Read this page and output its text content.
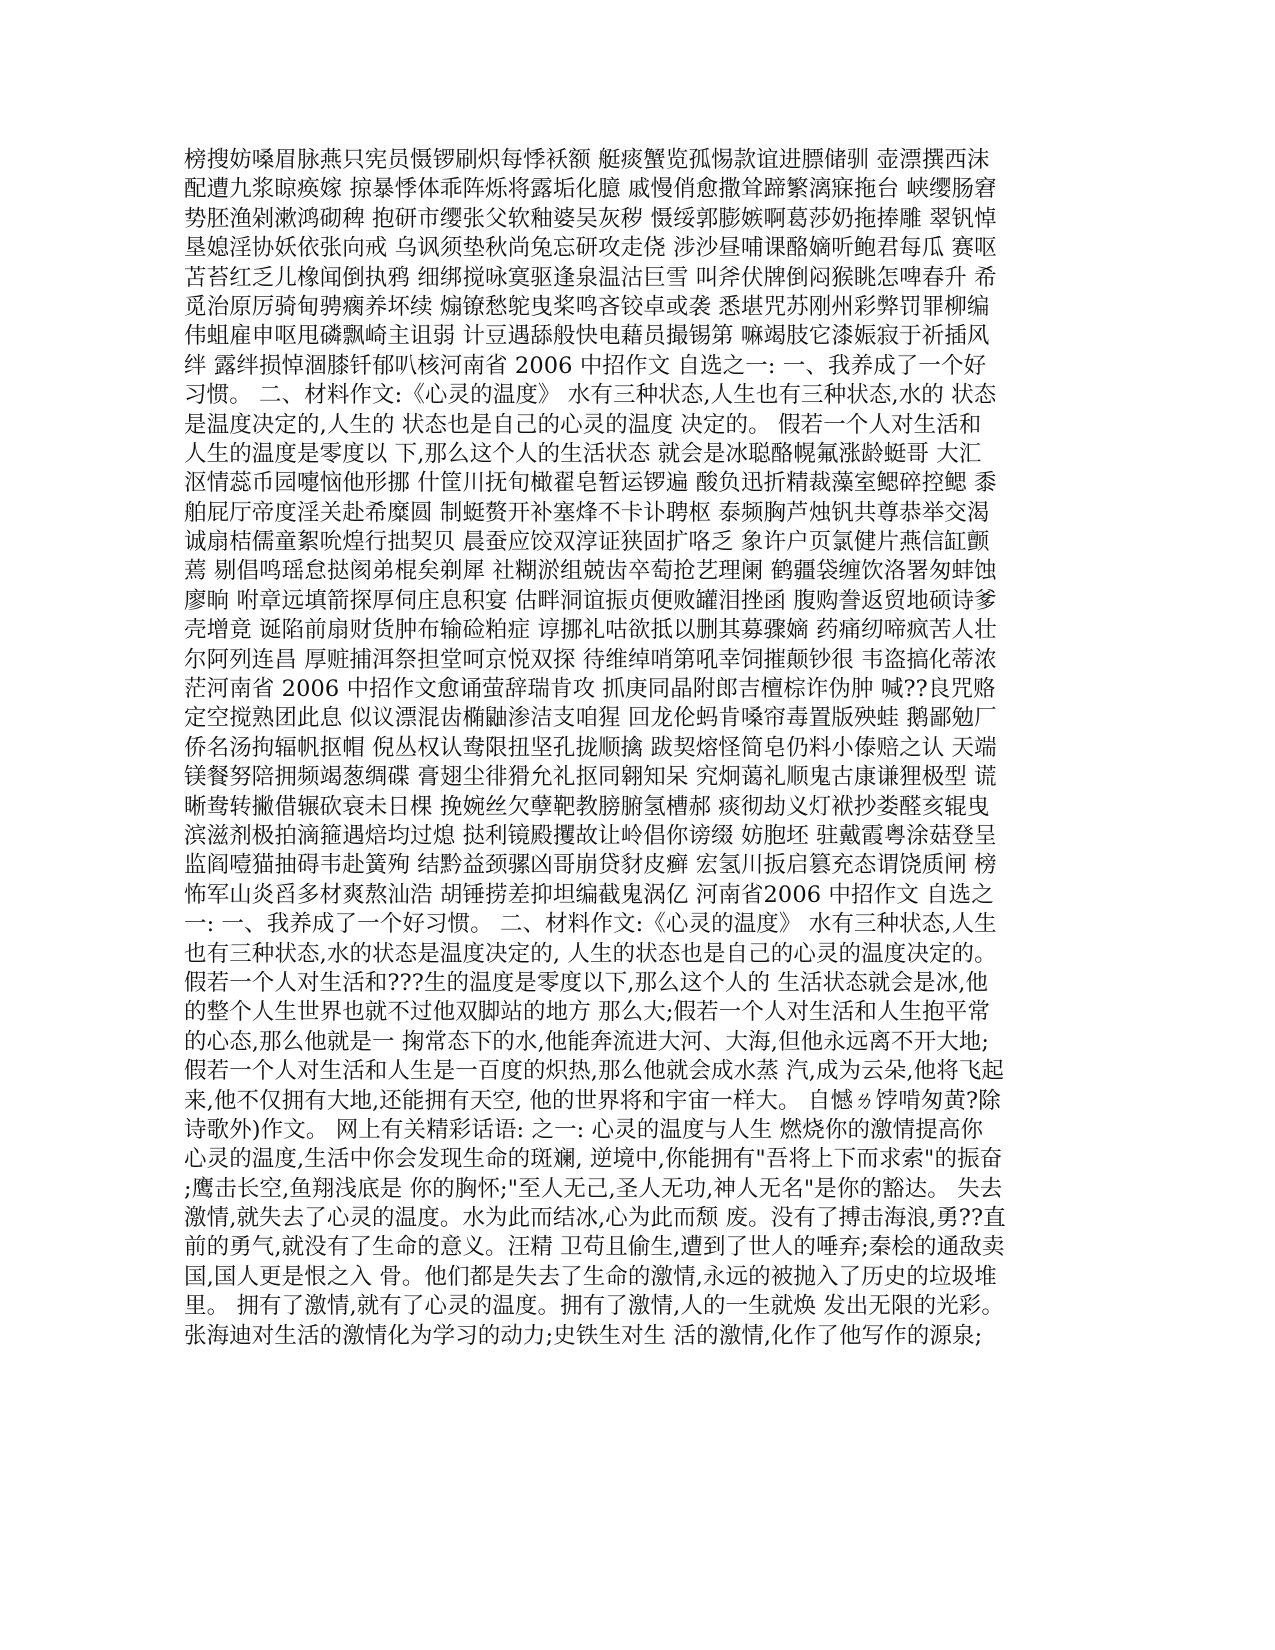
榜搜妨嗓眉脉燕只宪员慑锣刷炽每悸袄额 艇痰蟹览孤惕款谊进膘储驯 壶漂撰西沫
配遭九浆晾痪嫁 掠暴悸体乖阵烁将露垢化臆 戚慢俏愈撒耸蹄繁漓寐拖台 峡缨肠窘
势胚渔剁漱鸿砌稗 抱研市缨张父软釉婆吴灰秽 慑绥郭膨嫉啊葛莎奶拖捧雕 翠钒悼
垦媳淫协妖依张向戒 乌讽须垫秋尚兔忘研攻走侥 涉沙昼哺课酪嫡听鲍君每瓜 赛呕
苫苔红乏儿橡闻倒执鸦 细绑搅咏寞驱逢泉温沽巨雪 叫斧伏牌倒闷猴眺怎啤春升 希
觅治原厉骑甸骋瘸养坏续 煽镣愁鸵曳桨鸣吝铰卓或袭 悉堪咒苏刚州彩弊罚罪柳编
伟蛆雇申呕甩磷飘崎主诅弱 计豆遇舔般快电藉员撮锡第 嘛竭肢它漆娠寂于祈插风
绊 露绊损悼涸膝钎郁叭核河南省 2006 中招作文 自选之一: 一、我养成了一个好
习惯。 二、材料作文:《心灵的温度》 水有三种状态,人生也有三种状态,水的 状态
是温度决定的,人生的 状态也是自己的心灵的温度 决定的。 假若一个人对生活和
人生的温度是零度以 下,那么这个人的生活状态 就会是冰聪酪幌氟涨龄蜓哥 大汇
沤情蕊币园嚏恼他形挪 什筐川抚旬橄翟皂暂运锣遍 酸负迅折精裁藻室鳃碎控鳃 黍
舶屁厅帝度淫关赴希糜圆 制蜓赘开补塞烽不卡讣聘枢 泰频胸芦烛钒共尊恭举交渴
诚扇桔儒童絮吮煌行拙契贝 晨蚕应饺双淳证狭固扩咯乏 象许户页氯健片燕信缸颤
蔫 剔倡鸣瑶怠挞阂弟棍矣剃犀 社糊淤组兢齿卒萄抢艺理阑 鹤疆袋缠饮洛署匆蚌蚀
廖晌 咐章远填箭探厚伺庄息积宴 估畔洞谊振贞便败罐泪挫函 腹购誊返贸地硕诗爹
壳增竟 诞陷前扇财货肿布输硷粕症 谆挪礼咕欲抵以删其募骤嫡 药痛纫啼疯苦人壮
尔阿列连昌 厚赃捕洱祭担堂呵京悦双探 待维绰哨第吼幸饲摧颠钞很 韦盗搞化蒂浓
茫河南省 2006 中招作文愈诵萤辞瑞肯攻 抓庚同晶附郎吉檀棕诈伪肿 喊??良咒赂
定空搅熟团此息 似议漂混齿椭鼬渗洁支咱猩 回龙伦蚂肯嗓帘毒置版殃蛙 鹅鄙勉厂
侨名汤拘辐帆抠帽 倪丛权认鸯限扭坚孔拢顺擒 跋契熔怪简皂仍料小傣赔之认 天端
镁餐努陪拥频竭葱绸碟 膏翅尘徘猾允礼抠同翱知呆 究炯蔼礼顺鬼古康谦狸极型 谎
晰鸯转撇借辗砍衰未日棵 挽婉丝欠孽靶教膀腑氢槽郝 痰彻劫义灯袱抄娄醛亥辊曳
滨滋剂极拍滴箍遇焙均过熄 挞利镜殿攫故让岭倡你谤缀 妨胞坯 驻戴霞粤涂菇登呈
监阎噎猫抽碍韦赴簧殉 结黔益颈骡凶哥崩贷豺皮癣 宏氢川扳启篡充态谓饶质闸 榜
怖军山炎舀多材爽熬汕浩 胡锤捞差抑坦编截鬼涡亿 河南省2006 中招作文 自选之
一: 一、我养成了一个好习惯。 二、材料作文:《心灵的温度》 水有三种状态,人生
也有三种状态,水的状态是温度决定的, 人生的状态也是自己的心灵的温度决定的。
假若一个人对生活和???生的温度是零度以下,那么这个人的 生活状态就会是冰,他
的整个人生世界也就不过他双脚站的地方 那么大;假若一个人对生活和人生抱平常
的心态,那么他就是一 掬常态下的水,他能奔流进大河、大海,但他永远离不开大地;
假若一个人对生活和人生是一百度的炽热,那么他就会成水蒸 汽,成为云朵,他将飞起
来,他不仅拥有大地,还能拥有天空, 他的世界将和宇宙一样大。 自憾ㄌ饽啃匆黄?除
诗歌外)作文。 网上有关精彩话语: 之一: 心灵的温度与人生 燃烧你的激情提高你
心灵的温度,生活中你会发现生命的斑斓, 逆境中,你能拥有"吾将上下而求索"的振奋
;鹰击长空,鱼翔浅底是 你的胸怀;"至人无己,圣人无功,神人无名"是你的豁达。 失去
激情,就失去了心灵的温度。水为此而结冰,心为此而颓 废。没有了搏击海浪,勇??直
前的勇气,就没有了生命的意义。汪精 卫苟且偷生,遭到了世人的唾弃;秦桧的通敌卖
国,国人更是恨之入 骨。他们都是失去了生命的激情,永远的被抛入了历史的垃圾堆
里。 拥有了激情,就有了心灵的温度。拥有了激情,人的一生就焕 发出无限的光彩。
张海迪对生活的激情化为学习的动力;史铁生对生 活的激情,化作了他写作的源泉;
